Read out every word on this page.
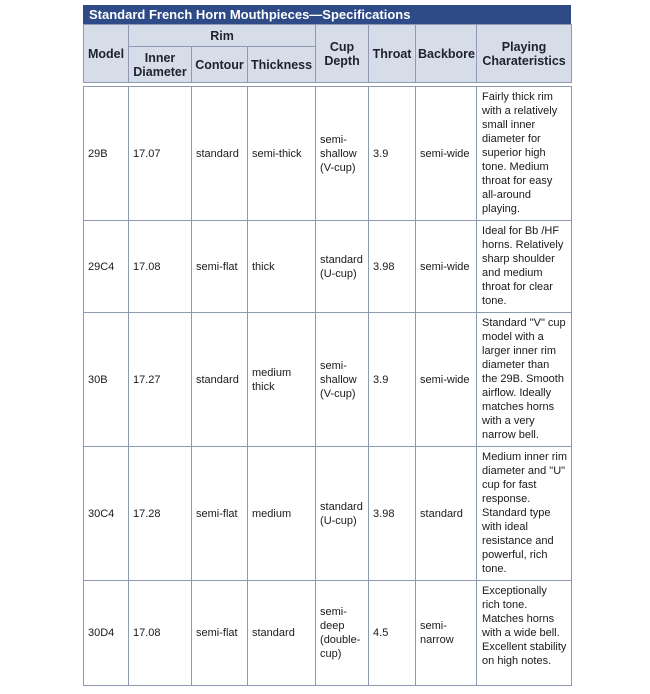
Standard French Horn Mouthpieces—Specifications
Model	Rim			Cup Depth	Throat	Backbore	Playing Charateristics
	Inner Diameter	Contour	Thickness				

29B	17.07	standard	semi-thick	semi-shallow (V-cup)	3.9	semi-wide	Fairly thick rim with a relatively small inner diameter for superior high tone. Medium throat for easy all-around playing.
29C4	17.08	semi-flat	thick	standard (U-cup)	3.98	semi-wide	Ideal for Bb /HF horns. Relatively sharp shoulder and medium throat for clear tone.
30B	17.27	standard	medium thick	semi-shallow (V-cup)	3.9	semi-wide	Standard "V" cup model with a larger inner rim diameter than the 29B. Smooth airflow. Ideally matches horns with a very narrow bell.
30C4	17.28	semi-flat	medium	standard (U-cup)	3.98	standard	Medium inner rim diameter and "U" cup for fast response. Standard type with ideal resistance and powerful, rich tone.
30D4	17.08	semi-flat	standard	semi-deep (double-cup)	4.5	semi-narrow	Exceptionally rich tone. Matches horns with a wide bell. Excellent stability on high notes.
